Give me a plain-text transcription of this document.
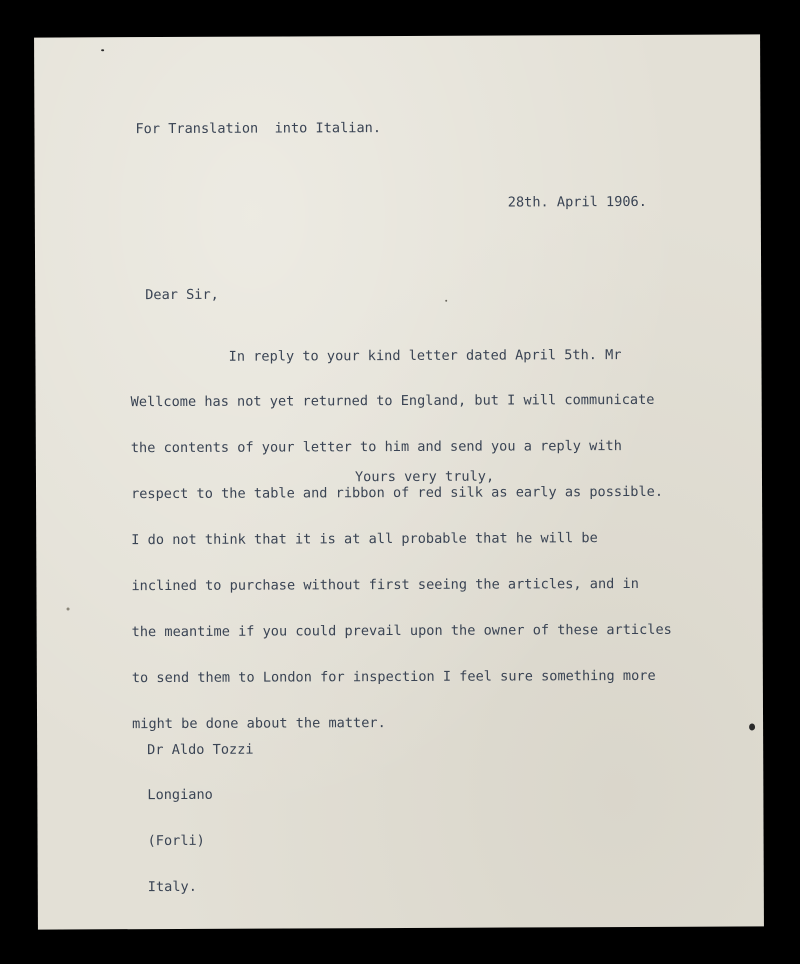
For Translation  into Italian.
28th. April 1906.
Dear Sir,

In reply to your kind letter dated April 5th. Mr

Wellcome has not yet returned to England, but I will communicate

the contents of your letter to him and send you a reply with

respect to the table and ribbon of red silk as early as possible.

I do not think that it is at all probable that he will be

inclined to purchase without first seeing the articles, and in

the meantime if you could prevail upon the owner of these articles

to send them to London for inspection I feel sure something more

might be done about the matter.

Yours very truly,

Dr Aldo Tozzi

Longiano

(Forli)

Italy.
